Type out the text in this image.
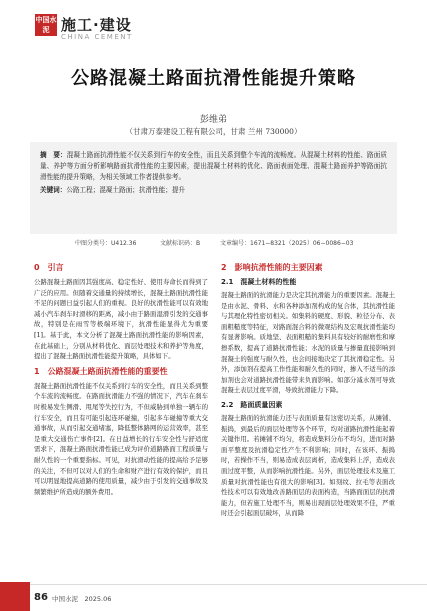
中国水泥 施工·建设
CHINA CEMENT
公路混凝土路面抗滑性能提升策略
彭维弟
（甘肃万泰建设工程有限公司，甘肃 兰州 730000）

摘　要：混凝土路面抗滑性能不仅关系到行车的安全性，而且关系到整个车流的流畅度。从混凝土材料的性能、路面质量、养护等方面分析影响路面抗滑性能的主要因素，提出混凝土材料的优化、路面表面处理、混凝土路面养护等路面抗滑性能的提升策略，为相关领域工作者提供参考。

关键词：公路工程；混凝土路面；抗滑性能；提升

中图分类号：U412.36	文献标识码：B	文章编号：1671−8321（2025）06−0086−03
0　引言

公路混凝土路面因其强度高、稳定性好、使用寿命长而得到了广泛的应用。但随着交通量的持续增长，混凝土路面抗滑性能不足的问题日益引起人们的重视。良好的抗滑性能可以有效地减小汽车刹车时滑移的距离，减小由于路面湿滑引发的交通事故，特别是在雨雪等极端环境下，抗滑性能显得尤为重要[1]。基于此，本文分析了混凝土路面抗滑性能的影响因素，在此基础上，分别从材料优化、面层处理技术和养护等角度，提出了混凝土路面抗滑性能提升策略，具体如下。

1　公路混凝土路面抗滑性能的重要性

混凝土路面抗滑性能不仅关系到行车的安全性，而且关系到整个车流的流畅度。在路面抗滑能力不强的情况下，汽车在刹车时极易发生侧滑、甩尾等失控行为，不但威胁到单独一辆车的行车安全，而且有可能引起连环碰撞，引起多车碰撞等重大交通事故，从而引起交通堵塞，降低整体路网的运营效率，甚至是重大交通伤亡事件[2]。在日益增长的行车安全性与舒适度需求下，混凝土路面抗滑性能已成为评价道路路面工程质量与耐久性的一个重要指标。可见，对抗滑动性能的提高给予足够的关注，不但可以对人们的生命和财产进行有效的保护，而且可以明显地提高道路的使用质量，减少由于引发的交通事故及频繁维护所造成的额外费用。

2　影响抗滑性能的主要因素
2.1　混凝土材料的性能

混凝土路面的抗滑能力是决定其抗滑能力的重要因素。混凝土是由水泥、骨料、水和各种添加剂构成的复合体，其抗滑性能与其理化特性密切相关。如集料的硬度、形貌、粒径分布、表面粗糙度等特征，对路面混合料的微观结构及宏观抗滑性能均有显著影响。质地坚、表面粗糙的集料具有较好的耐磨性和摩擦系数，提高了道路抗滑性能；水泥的质量与掺量直接影响到混凝土的强度与耐久性，也会间接地决定了其抗滑稳定性。另外，添加剂在提高工作性能和耐久性的同时，掺入不适当的添加剂也会对道路抗滑性能带来负面影响。如部分减水剂可导致混凝土表层过度平滑，导致抗滑能力下降。

2.2　路面质量因素

混凝土路面的抗滑能力还与表面质量有这密切关系，从摊铺、振捣，到最后的面层处理等各个环节，均对道路抗滑性能起着关键作用。若摊铺不均匀，将造成集料分布不均匀，进而对路面平整度及抗滑稳定性产生不利影响；同时，在该环、振捣时，若操作不当，则易造成表层离析，造成集料上浮，造成表面过度平整，从而影响抗滑性能。另外，面层处理技术及施工质量对抗滑性能也有很大的影响[3]。如刻纹、拉毛等表面改性技术可以有效地改善路面层的表面构造，当路面面层的抗滑能力，但若施工处理不当，则易出现面层处理效果不佳，严重时还会引起面层破坏，从而降

86 中国水泥　2025.06
